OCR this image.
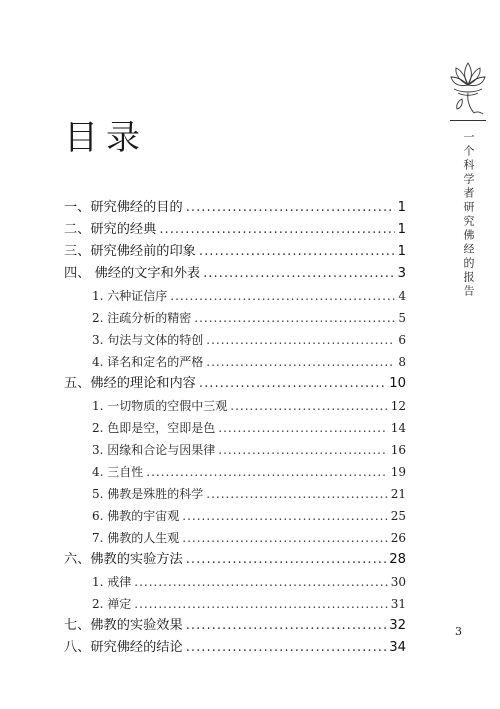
目录
一、研究佛经的目的 .....	1
二、研究的经典 .....	1
三、研究佛经前的印象 .....	1
四、 佛经的文字和外表 .....	3
1. 六种证信序 .....	4
2. 注疏分析的精密 .....	5
3. 句法与文体的特创 .....	6
4. 译名和定名的严格 .....	8
五、佛经的理论和内容 .....	10
1. 一切物质的空假中三观 .....	12
2. 色即是空，空即是色 .....	14
3. 因缘和合论与因果律 .....	16
4. 三自性 .....	19
5. 佛教是殊胜的科学 .....	21
6. 佛教的宇宙观 .....	25
7. 佛教的人生观 .....	26
六、佛教的实验方法 .....	28
1. 戒律 .....	30
2. 禅定 .....	31
七、佛教的实验效果 .....	32
八、研究佛经的结论 .....	34
一个科学者研究佛经的报告
3
